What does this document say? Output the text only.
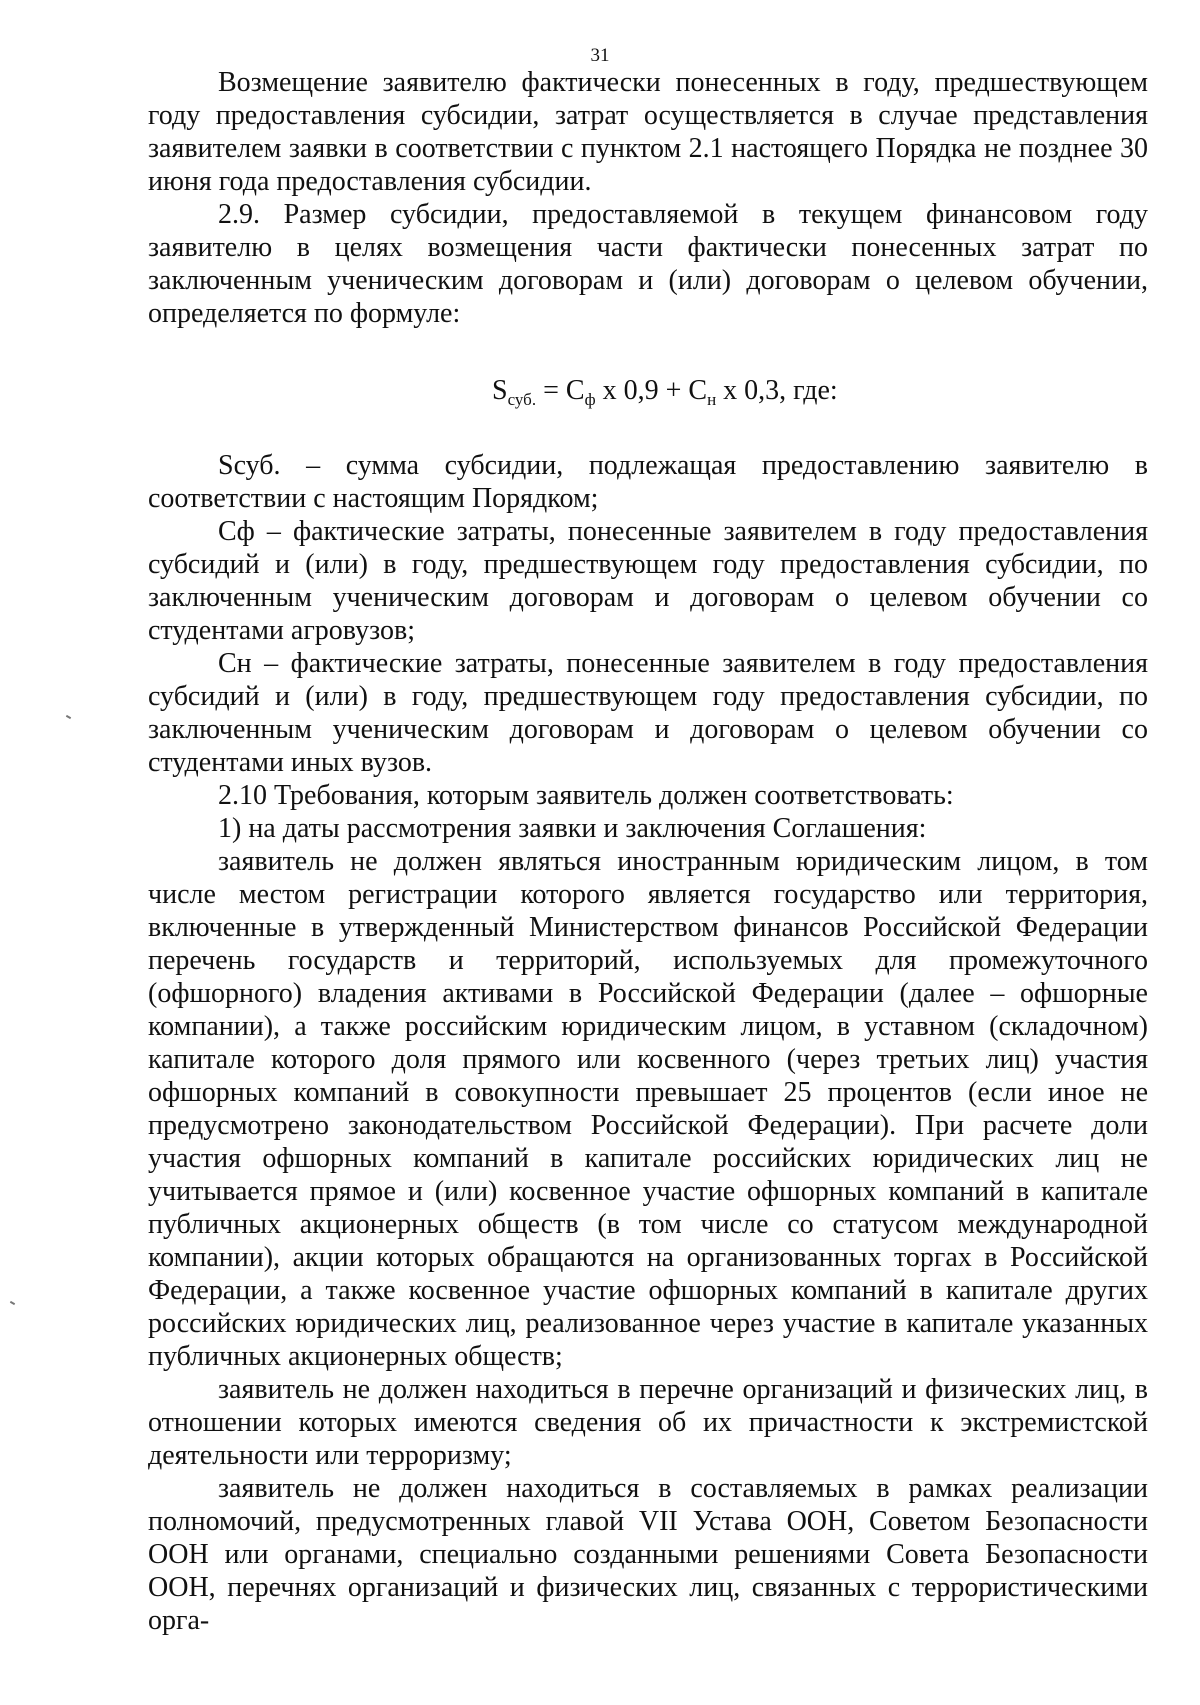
31

Возмещение заявителю фактически понесенных в году, предшествующем году предоставления субсидии, затрат осуществляется в случае представления заявителем заявки в соответствии с пунктом 2.1 настоящего Порядка не позднее 30 июня года предоставления субсидии.

2.9. Размер субсидии, предоставляемой в текущем финансовом году заявителю в целях возмещения части фактически понесенных затрат по заключенным ученическим договорам и (или) договорам о целевом обучении, определяется по формуле:

$S_{суб.} = C_ф$ х $0,9 + C_н$ х 0,3, где:

Sсуб. – сумма субсидии, подлежащая предоставлению заявителю в соответствии с настоящим Порядком;

Сф – фактические затраты, понесенные заявителем в году предоставления субсидий и (или) в году, предшествующем году предоставления субсидии, по заключенным ученическим договорам и договорам о целевом обучении со студентами агровузов;

Сн – фактические затраты, понесенные заявителем в году предоставления субсидий и (или) в году, предшествующем году предоставления субсидии, по заключенным ученическим договорам и договорам о целевом обучении со студентами иных вузов.

2.10 Требования, которым заявитель должен соответствовать:

1) на даты рассмотрения заявки и заключения Соглашения:

заявитель не должен являться иностранным юридическим лицом, в том числе местом регистрации которого является государство или территория, включенные в утвержденный Министерством финансов Российской Федерации перечень государств и территорий, используемых для промежуточного (офшорного) владения активами в Российской Федерации (далее – офшорные компании), а также российским юридическим лицом, в уставном (складочном) капитале которого доля прямого или косвенного (через третьих лиц) участия офшорных компаний в совокупности превышает 25 процентов (если иное не предусмотрено законодательством Российской Федерации). При расчете доли участия офшорных компаний в капитале российских юридических лиц не учитывается прямое и (или) косвенное участие офшорных компаний в капитале публичных акционерных обществ (в том числе со статусом международной компании), акции которых обращаются на организованных торгах в Российской Федерации, а также косвенное участие офшорных компаний в капитале других российских юридических лиц, реализованное через участие в капитале указанных публичных акционерных обществ;

заявитель не должен находиться в перечне организаций и физических лиц, в отношении которых имеются сведения об их причастности к экстремистской деятельности или терроризму;

заявитель не должен находиться в составляемых в рамках реализации полномочий, предусмотренных главой VII Устава ООН, Советом Безопасности ООН или органами, специально созданными решениями Совета Безопасности ООН, перечнях организаций и физических лиц, связанных с террористическими орга-
